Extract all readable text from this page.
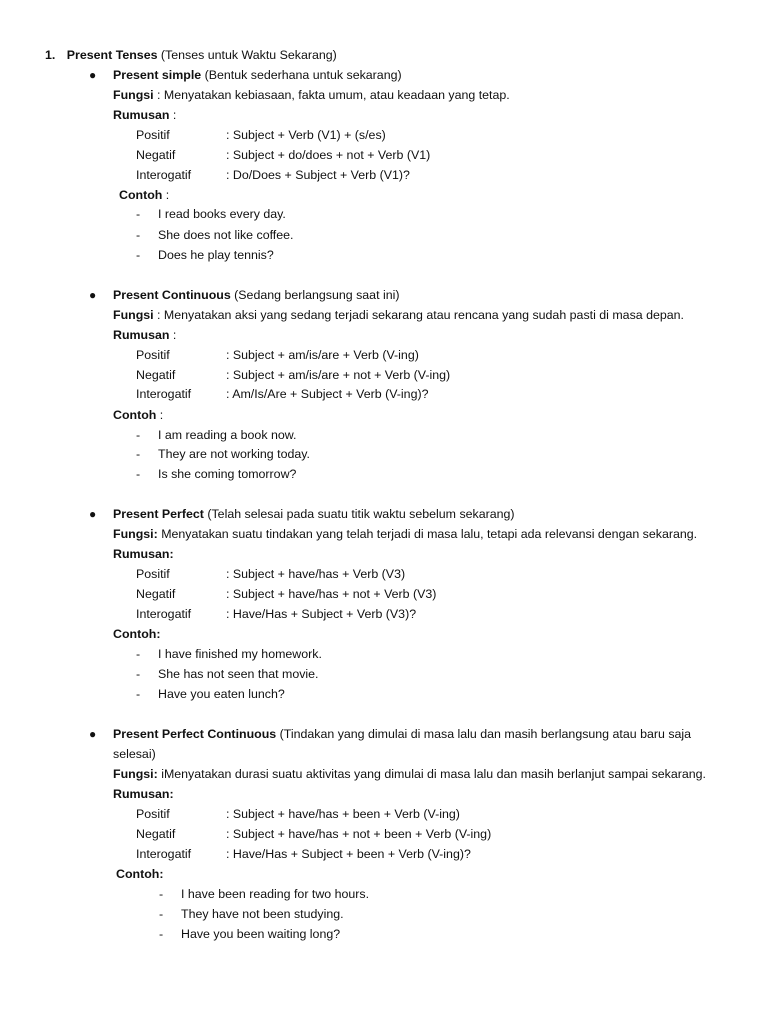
1. Present Tenses (Tenses untuk Waktu Sekarang)
● Present simple (Bentuk sederhana untuk sekarang)
Fungsi : Menyatakan kebiasaan, fakta umum, atau keadaan yang tetap.
Rumusan :
Positif	: Subject + Verb (V1) + (s/es)
Negatif	: Subject + do/does + not + Verb (V1)
Interogatif	: Do/Does + Subject + Verb (V1)?
Contoh :
- I read books every day.
- She does not like coffee.
- Does he play tennis?
● Present Continuous (Sedang berlangsung saat ini)
Fungsi : Menyatakan aksi yang sedang terjadi sekarang atau rencana yang sudah pasti di masa depan.
Rumusan :
Positif	: Subject + am/is/are + Verb (V-ing)
Negatif	: Subject + am/is/are + not + Verb (V-ing)
Interogatif	: Am/Is/Are + Subject + Verb (V-ing)?
Contoh :
- I am reading a book now.
- They are not working today.
- Is she coming tomorrow?
● Present Perfect (Telah selesai pada suatu titik waktu sebelum sekarang)
Fungsi: Menyatakan suatu tindakan yang telah terjadi di masa lalu, tetapi ada relevansi dengan sekarang.
Rumusan:
Positif	: Subject + have/has + Verb (V3)
Negatif	: Subject + have/has + not + Verb (V3)
Interogatif	: Have/Has + Subject + Verb (V3)?
Contoh:
- I have finished my homework.
- She has not seen that movie.
- Have you eaten lunch?
● Present Perfect Continuous (Tindakan yang dimulai di masa lalu dan masih berlangsung atau baru saja
selesai)
Fungsi: iMenyatakan durasi suatu aktivitas yang dimulai di masa lalu dan masih berlanjut sampai sekarang.
Rumusan:
Positif	: Subject + have/has + been + Verb (V-ing)
Negatif	: Subject + have/has + not + been + Verb (V-ing)
Interogatif	: Have/Has + Subject + been + Verb (V-ing)?
Contoh:
- I have been reading for two hours.
- They have not been studying.
- Have you been waiting long?
